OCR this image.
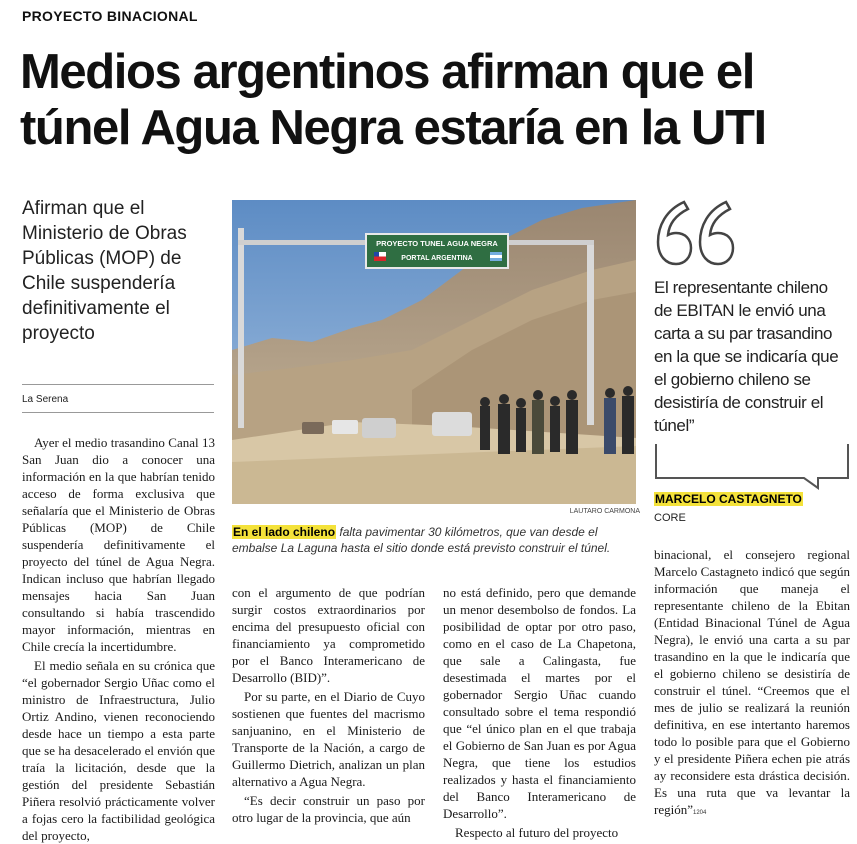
PROYECTO BINACIONAL
Medios argentinos afirman que el túnel Agua Negra estaría en la UTI
Afirman que el Ministerio de Obras Públicas (MOP) de Chile suspendería definitivamente el proyecto
La Serena
PROYECTO TUNEL AGUA NEGRA
PORTAL ARGENTINA
LAUTARO CARMONA
En el lado chileno falta pavimentar 30 kilómetros, que van desde el embalse La Laguna hasta el sitio donde está previsto construir el túnel.
El representante chileno de EBITAN le envió una carta a su par trasandino en la que se indicaría que el gobierno chileno se desistiría de construir el túnel”
MARCELO CASTAGNETO
CORE

Ayer el medio trasandino Canal 13 San Juan dio a conocer una información en la que habrían tenido acceso de forma exclusiva que señalaría que el Ministerio de Obras Públicas (MOP) de Chile suspendería definitivamente el proyecto del túnel de Agua Negra. Indican incluso que habrían llegado mensajes hacia San Juan consultando si había trascendido mayor información, mientras en Chile crecía la incertidumbre.

El medio señala en su crónica que “el gobernador Sergio Uñac como el ministro de Infraestructura, Julio Ortiz Andino, vienen reconociendo desde hace un tiempo a esta parte que se ha desacelerado el envión que traía la licitación, desde que la gestión del presidente Sebastián Piñera resolvió prácticamente volver a fojas cero la factibilidad geológica del proyecto,

con el argumento de que podrían surgir costos extraordinarios por encima del presupuesto oficial con financiamiento ya comprometido por el Banco Interamericano de Desarrollo (BID)”.

Por su parte, en el Diario de Cuyo sostienen que fuentes del macrismo sanjuanino, en el Ministerio de Transporte de la Nación, a cargo de Guillermo Dietrich, analizan un plan alternativo a Agua Negra.

“Es decir construir un paso por otro lugar de la provincia, que aún

no está definido, pero que demande un menor desembolso de fondos. La posibilidad de optar por otro paso, como en el caso de La Chapetona, que sale a Calingasta, fue desestimada el martes por el gobernador Sergio Uñac cuando consultado sobre el tema respondió que “el único plan en el que trabaja el Gobierno de San Juan es por Agua Negra, que tiene los estudios realizados y hasta el financiamiento del Banco Interamericano de Desarrollo”.

Respecto al futuro del proyecto

binacional, el consejero regional Marcelo Castagneto indicó que según información que maneja el representante chileno de la Ebitan (Entidad Binacional Túnel de Agua Negra), le envió una carta a su par trasandino en la que le indicaría que el gobierno chileno se desistiría de construir el túnel. “Creemos que el mes de julio se realizará la reunión definitiva, en ese intertanto haremos todo lo posible para que el Gobierno y el presidente Piñera echen pie atrás ay reconsidere esta drástica decisión. Es una ruta que va levantar la región”1204
